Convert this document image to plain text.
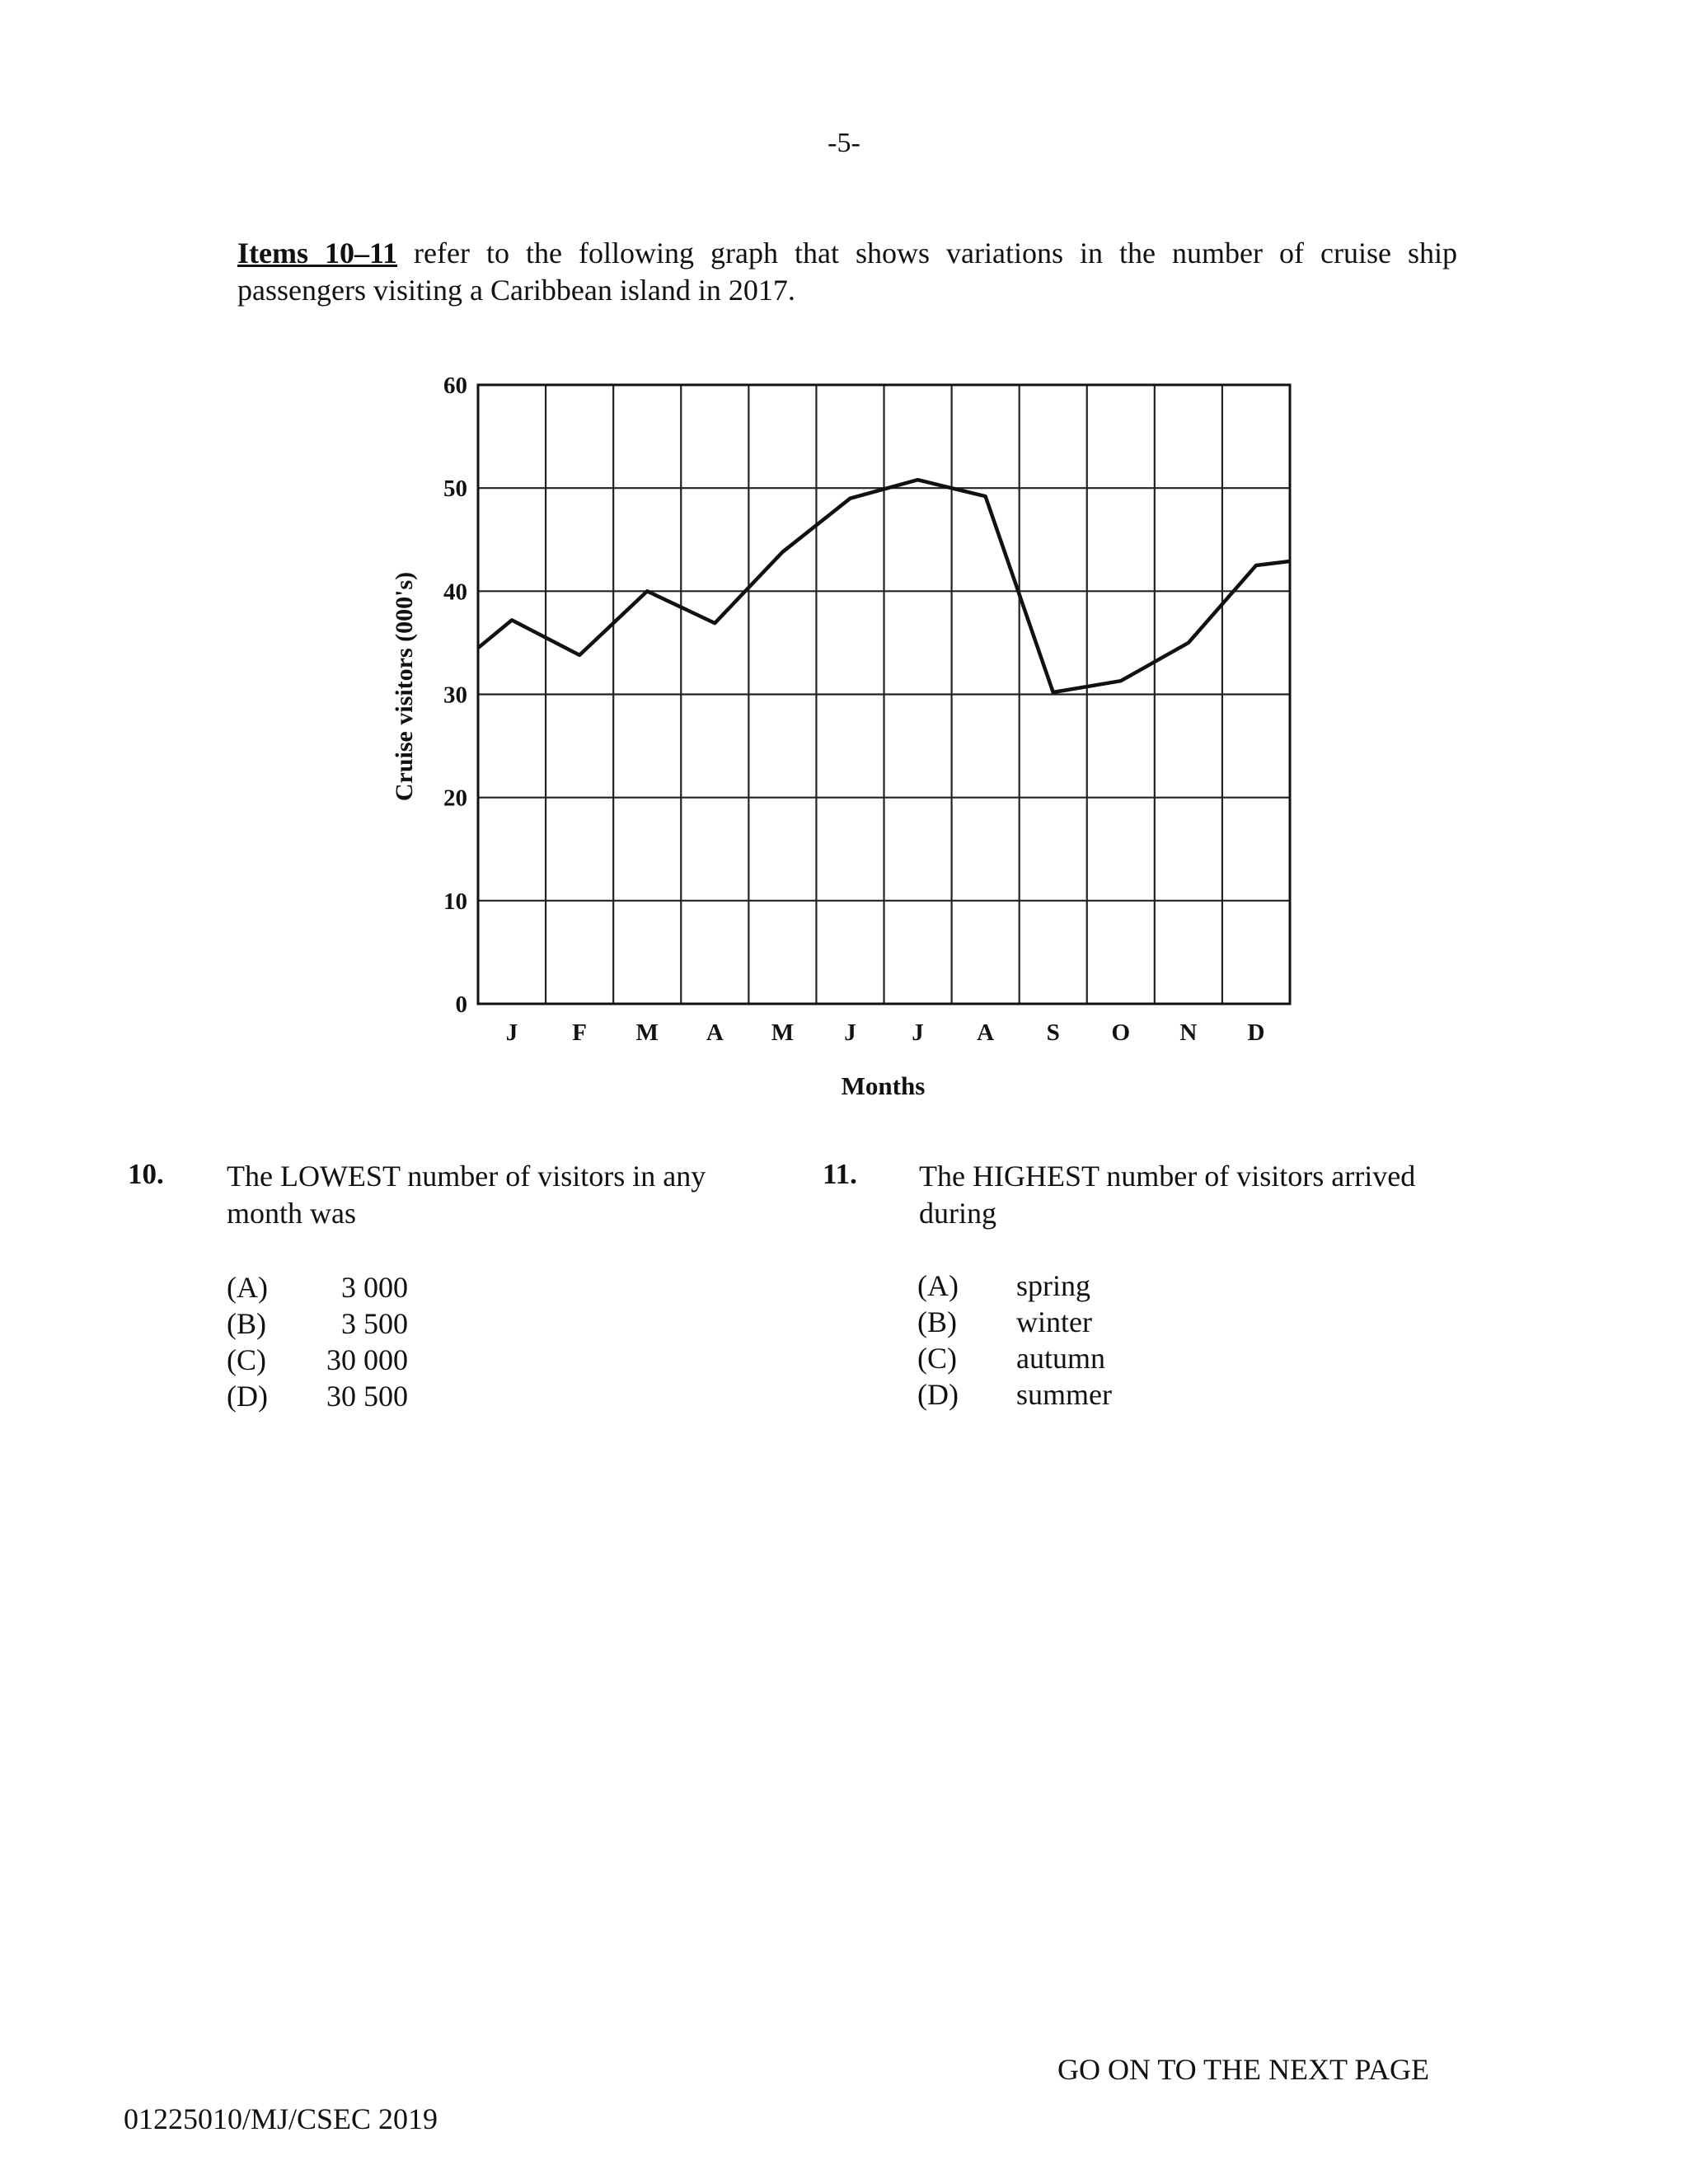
-5-
Items 10–11 refer to the following graph that shows variations in the number of cruise ship
passengers visiting a Caribbean island in 2017.
0
10
20
30
40
50
60
J F M A M J J A S O N D
Cruise visitors (000's)
Months
10. The LOWEST number of visitors in any
month was
(A) 3 000
(B)	3 500
(C) 30 000
(D) 30 500
11. The HIGHEST number of visitors arrived
during
(A) spring
(B) winter
(C) autumn
(D) summer
GO ON TO THE NEXT PAGE
01225010/MJ/CSEC 2019
